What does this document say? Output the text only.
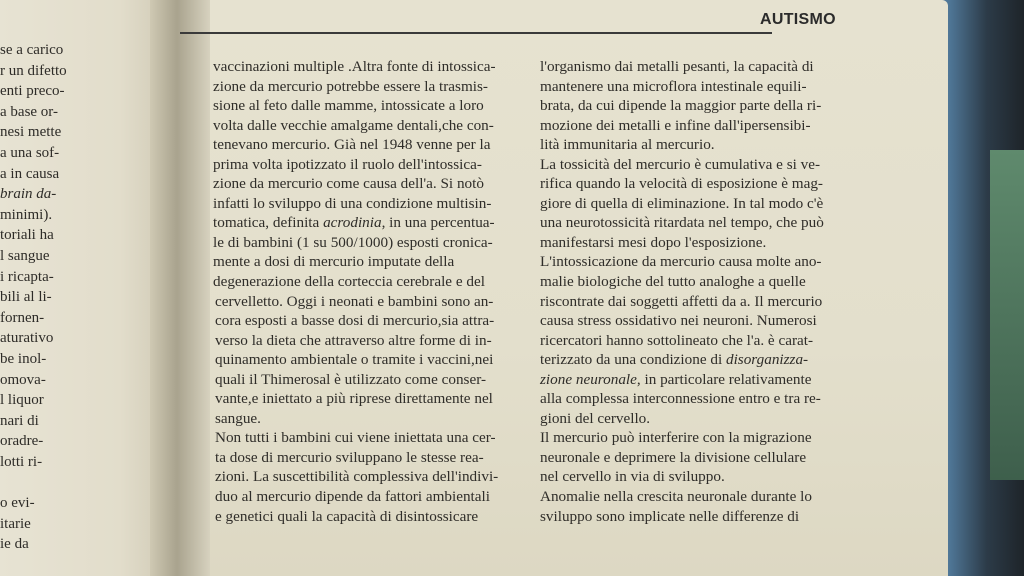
se a carico
r un difetto
enti preco-
a base or-
nesi mette
a una sof-
a in causa
brain da-
minimi).
toriali ha
l sangue
i ricapta-
bili al li-
fornen-
aturativo
be inol-
omova-
l liquor
nari di
oradre-
lotti ri-
o evi-
itarie
ie da
AUTISMO
vaccinazioni multiple .Altra fonte di intossica-
zione da mercurio potrebbe essere la trasmis-
sione al feto dalle mamme, intossicate a loro
volta dalle vecchie amalgame dentali,che con-
tenevano mercurio. Già nel 1948 venne per la
prima volta ipotizzato il ruolo dell'intossica-
zione da mercurio come causa dell'a. Si notò
infatti lo sviluppo di una condizione multisin-
tomatica, definita acrodinia, in una percentua-
le di bambini (1 su 500/1000) esposti cronica-
mente a dosi di mercurio imputate della
degenerazione della corteccia cerebrale e del
cervelletto. Oggi i neonati e bambini sono an-
cora esposti a basse dosi di mercurio,sia attra-
verso la dieta che attraverso altre forme di in-
quinamento ambientale o tramite i vaccini,nei
quali il Thimerosal è utilizzato come conser-
vante,e iniettato a più riprese direttamente nel
sangue.
Non tutti i bambini cui viene iniettata una cer-
ta dose di mercurio sviluppano le stesse rea-
zioni. La suscettibilità complessiva dell'indivi-
duo al mercurio dipende da fattori ambientali
e genetici quali la capacità di disintossicare
l'organismo dai metalli pesanti, la capacità di
mantenere una microflora intestinale equili-
brata, da cui dipende la maggior parte della ri-
mozione dei metalli e infine dall'ipersensibi-
lità immunitaria al mercurio.
La tossicità del mercurio è cumulativa e si ve-
rifica quando la velocità di esposizione è mag-
giore di quella di eliminazione. In tal modo c'è
una neurotossicità ritardata nel tempo, che può
manifestarsi mesi dopo l'esposizione.
L'intossicazione da mercurio causa molte ano-
malie biologiche del tutto analoghe a quelle
riscontrate dai soggetti affetti da a. Il mercurio
causa stress ossidativo nei neuroni. Numerosi
ricercatori hanno sottolineato che l'a. è carat-
terizzato da una condizione di disorganizza-
zione neuronale, in particolare relativamente
alla complessa interconnessione entro e tra re-
gioni del cervello.
Il mercurio può interferire con la migrazione
neuronale e deprimere la divisione cellulare
nel cervello in via di sviluppo.
Anomalie nella crescita neuronale durante lo
sviluppo sono implicate nelle differenze di
